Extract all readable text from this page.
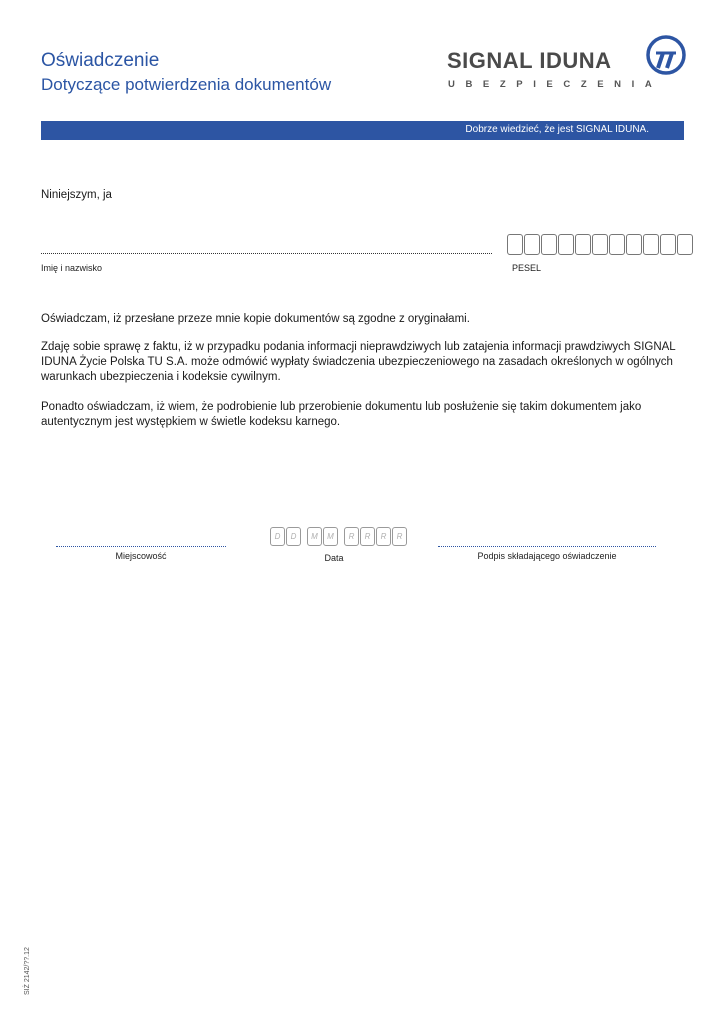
Oświadczenie
Dotyczące potwierdzenia dokumentów
SIGNAL IDUNA
UBEZPIECZENIA
Dobrze wiedzieć, że jest SIGNAL IDUNA.
Niniejszym, ja
Imię i nazwisko	PESEL
Oświadczam, iż przesłane przeze mnie kopie dokumentów są zgodne z oryginałami.
Zdaję sobie sprawę z faktu, iż w przypadku podania informacji nieprawdziwych lub zatajenia informacji prawdziwych SIGNAL IDUNA Życie Polska TU S.A. może odmówić wypłaty świadczenia ubezpieczeniowego na zasadach określonych w ogólnych warunkach ubezpieczenia i kodeksie cywilnym.
Ponadto oświadczam, iż wiem, że podrobienie lub przerobienie dokumentu lub posłużenie się takim dokumentem jako autentycznym jest występkiem w świetle kodeksu karnego.
Miejscowość
D	D	M	M	R	R	R	R
Data	Podpis składającego oświadczenie
SIŻ 2142/??.12
